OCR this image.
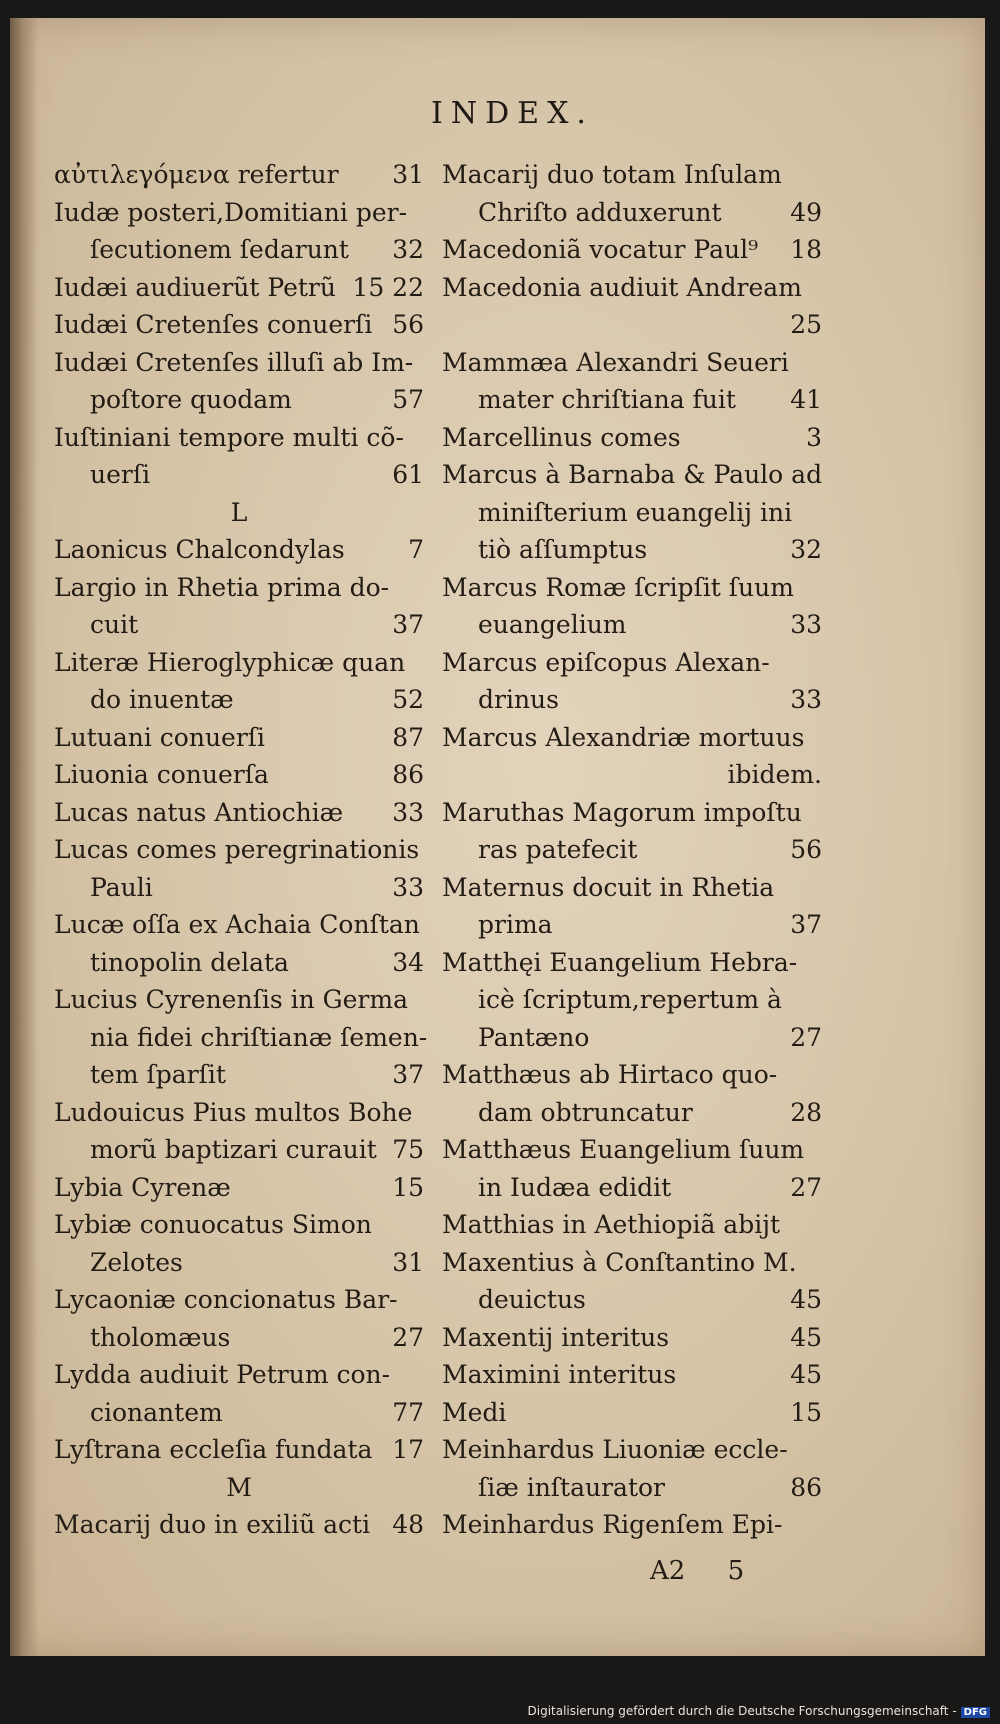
INDEX.
αὐτιλεγόμενα refertur 31
Iudæ posteri,Domitiani per-
ſecutionem ſedarunt 32
Iudæi audiuerũt Petrũ 15 22
Iudæi Cretenſes conuerſi 56
Iudæi Cretenſes illuſi ab Im-
poſtore quodam	57
Iuſtiniani tempore multi cõ-
uerſi	61
L
Laonicus Chalcondylas	7
Largio in Rhetia prima do-
cuit	37
Literæ Hieroglyphicæ quan
do inuentæ	52
Lutuani conuerſi	87
Liuonia conuerſa	86
Lucas natus Antiochiæ 33
Lucas comes peregrinationis
Pauli	33
Lucæ oſſa ex Achaia Conſtan
tinopolin delata	34
Lucius Cyrenenſis in Germa
nia fidei chriſtianæ ſemen-
tem ſparſit	37
Ludouicus Pius multos Bohe
morũ baptizari curauit 75
Lybia Cyrenæ	15
Lybiæ conuocatus Simon
Zelotes	31
Lycaoniæ concionatus Bar-
tholomæus	27
Lydda audiuit Petrum con-
cionantem	77
Lyſtrana eccleſia fundata 17
M
Macarij duo in exiliũ acti 48
Macarij duo totam Inſulam
Chriſto adduxerunt	49
Macedoniã vocatur Paul⁹ 18
Macedonia audiuit Andream
25
Mammæa Alexandri Seueri
mater chriſtiana fuit 41
Marcellinus comes	3
Marcus à Barnaba & Paulo ad
miniſterium euangelij ini
tiò aſſumptus	32
Marcus Romæ ſcripſit ſuum
euangelium	33
Marcus epiſcopus Alexan-
drinus	33
Marcus Alexandriæ mortuus
ibidem.
Maruthas Magorum impoſtu
ras patefecit	56
Maternus docuit in Rhetia
prima	37
Matthęi Euangelium Hebra-
icè ſcriptum,repertum à
Pantæno	27
Matthæus ab Hirtaco quo-
dam obtruncatur	28
Matthæus Euangelium ſuum
in Iudæa edidit	27
Matthias in Aethiopiã abijt
Maxentius à Conſtantino M.
deuictus	45
Maxentij interitus	45
Maximini interitus	45
Medi	15
Meinhardus Liuoniæ eccle-
ſiæ inſtaurator	86
Meinhardus Rigenſem Epi-
A2 5
Digitalisierung gefördert durch die Deutsche Forschungsgemeinschaft - DFG
